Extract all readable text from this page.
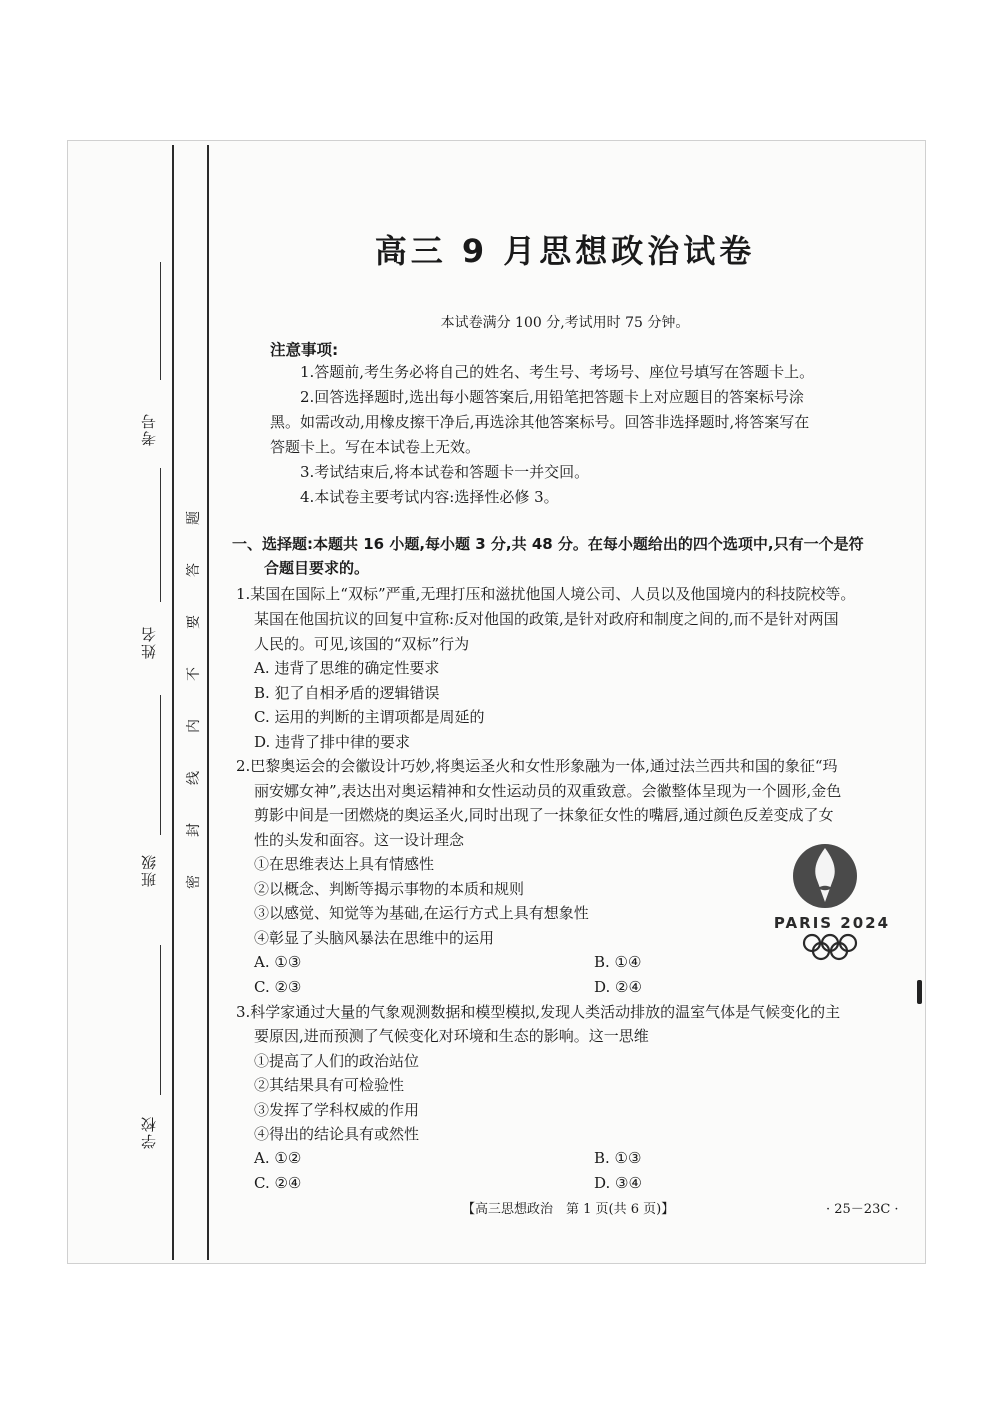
考号
姓名
班级
学校
题
答
要
不
内
线
封
密
高三 9 月思想政治试卷
本试卷满分 100 分,考试用时 75 分钟。
注意事项:
1.答题前,考生务必将自己的姓名、考生号、考场号、座位号填写在答题卡上。
2.回答选择题时,选出每小题答案后,用铅笔把答题卡上对应题目的答案标号涂
黑。如需改动,用橡皮擦干净后,再选涂其他答案标号。回答非选择题时,将答案写在
答题卡上。写在本试卷上无效。
3.考试结束后,将本试卷和答题卡一并交回。
4.本试卷主要考试内容:选择性必修 3。
一、选择题:本题共 16 小题,每小题 3 分,共 48 分。在每小题给出的四个选项中,只有一个是符
合题目要求的。
1.某国在国际上“双标”严重,无理打压和滋扰他国人境公司、人员以及他国境内的科技院校等。
某国在他国抗议的回复中宣称:反对他国的政策,是针对政府和制度之间的,而不是针对两国
人民的。可见,该国的“双标”行为
A. 违背了思维的确定性要求
B. 犯了自相矛盾的逻辑错误
C. 运用的判断的主谓项都是周延的
D. 违背了排中律的要求
2.巴黎奥运会的会徽设计巧妙,将奥运圣火和女性形象融为一体,通过法兰西共和国的象征“玛
丽安娜女神”,表达出对奥运精神和女性运动员的双重致意。会徽整体呈现为一个圆形,金色
剪影中间是一团燃烧的奥运圣火,同时出现了一抹象征女性的嘴唇,通过颜色反差变成了女
性的头发和面容。这一设计理念
①在思维表达上具有情感性
②以概念、判断等揭示事物的本质和规则
③以感觉、知觉等为基础,在运行方式上具有想象性
④彰显了头脑风暴法在思维中的运用
A. ①③	B. ①④
C. ②③	D. ②④
PARIS 2024
3.科学家通过大量的气象观测数据和模型模拟,发现人类活动排放的温室气体是气候变化的主
要原因,进而预测了气候变化对环境和生态的影响。这一思维
①提高了人们的政治站位
②其结果具有可检验性
③发挥了学科权威的作用
④得出的结论具有或然性
A. ①②	B. ①③
C. ②④	D. ③④
【高三思想政治　第 1 页(共 6 页)】	· 25－23C ·
